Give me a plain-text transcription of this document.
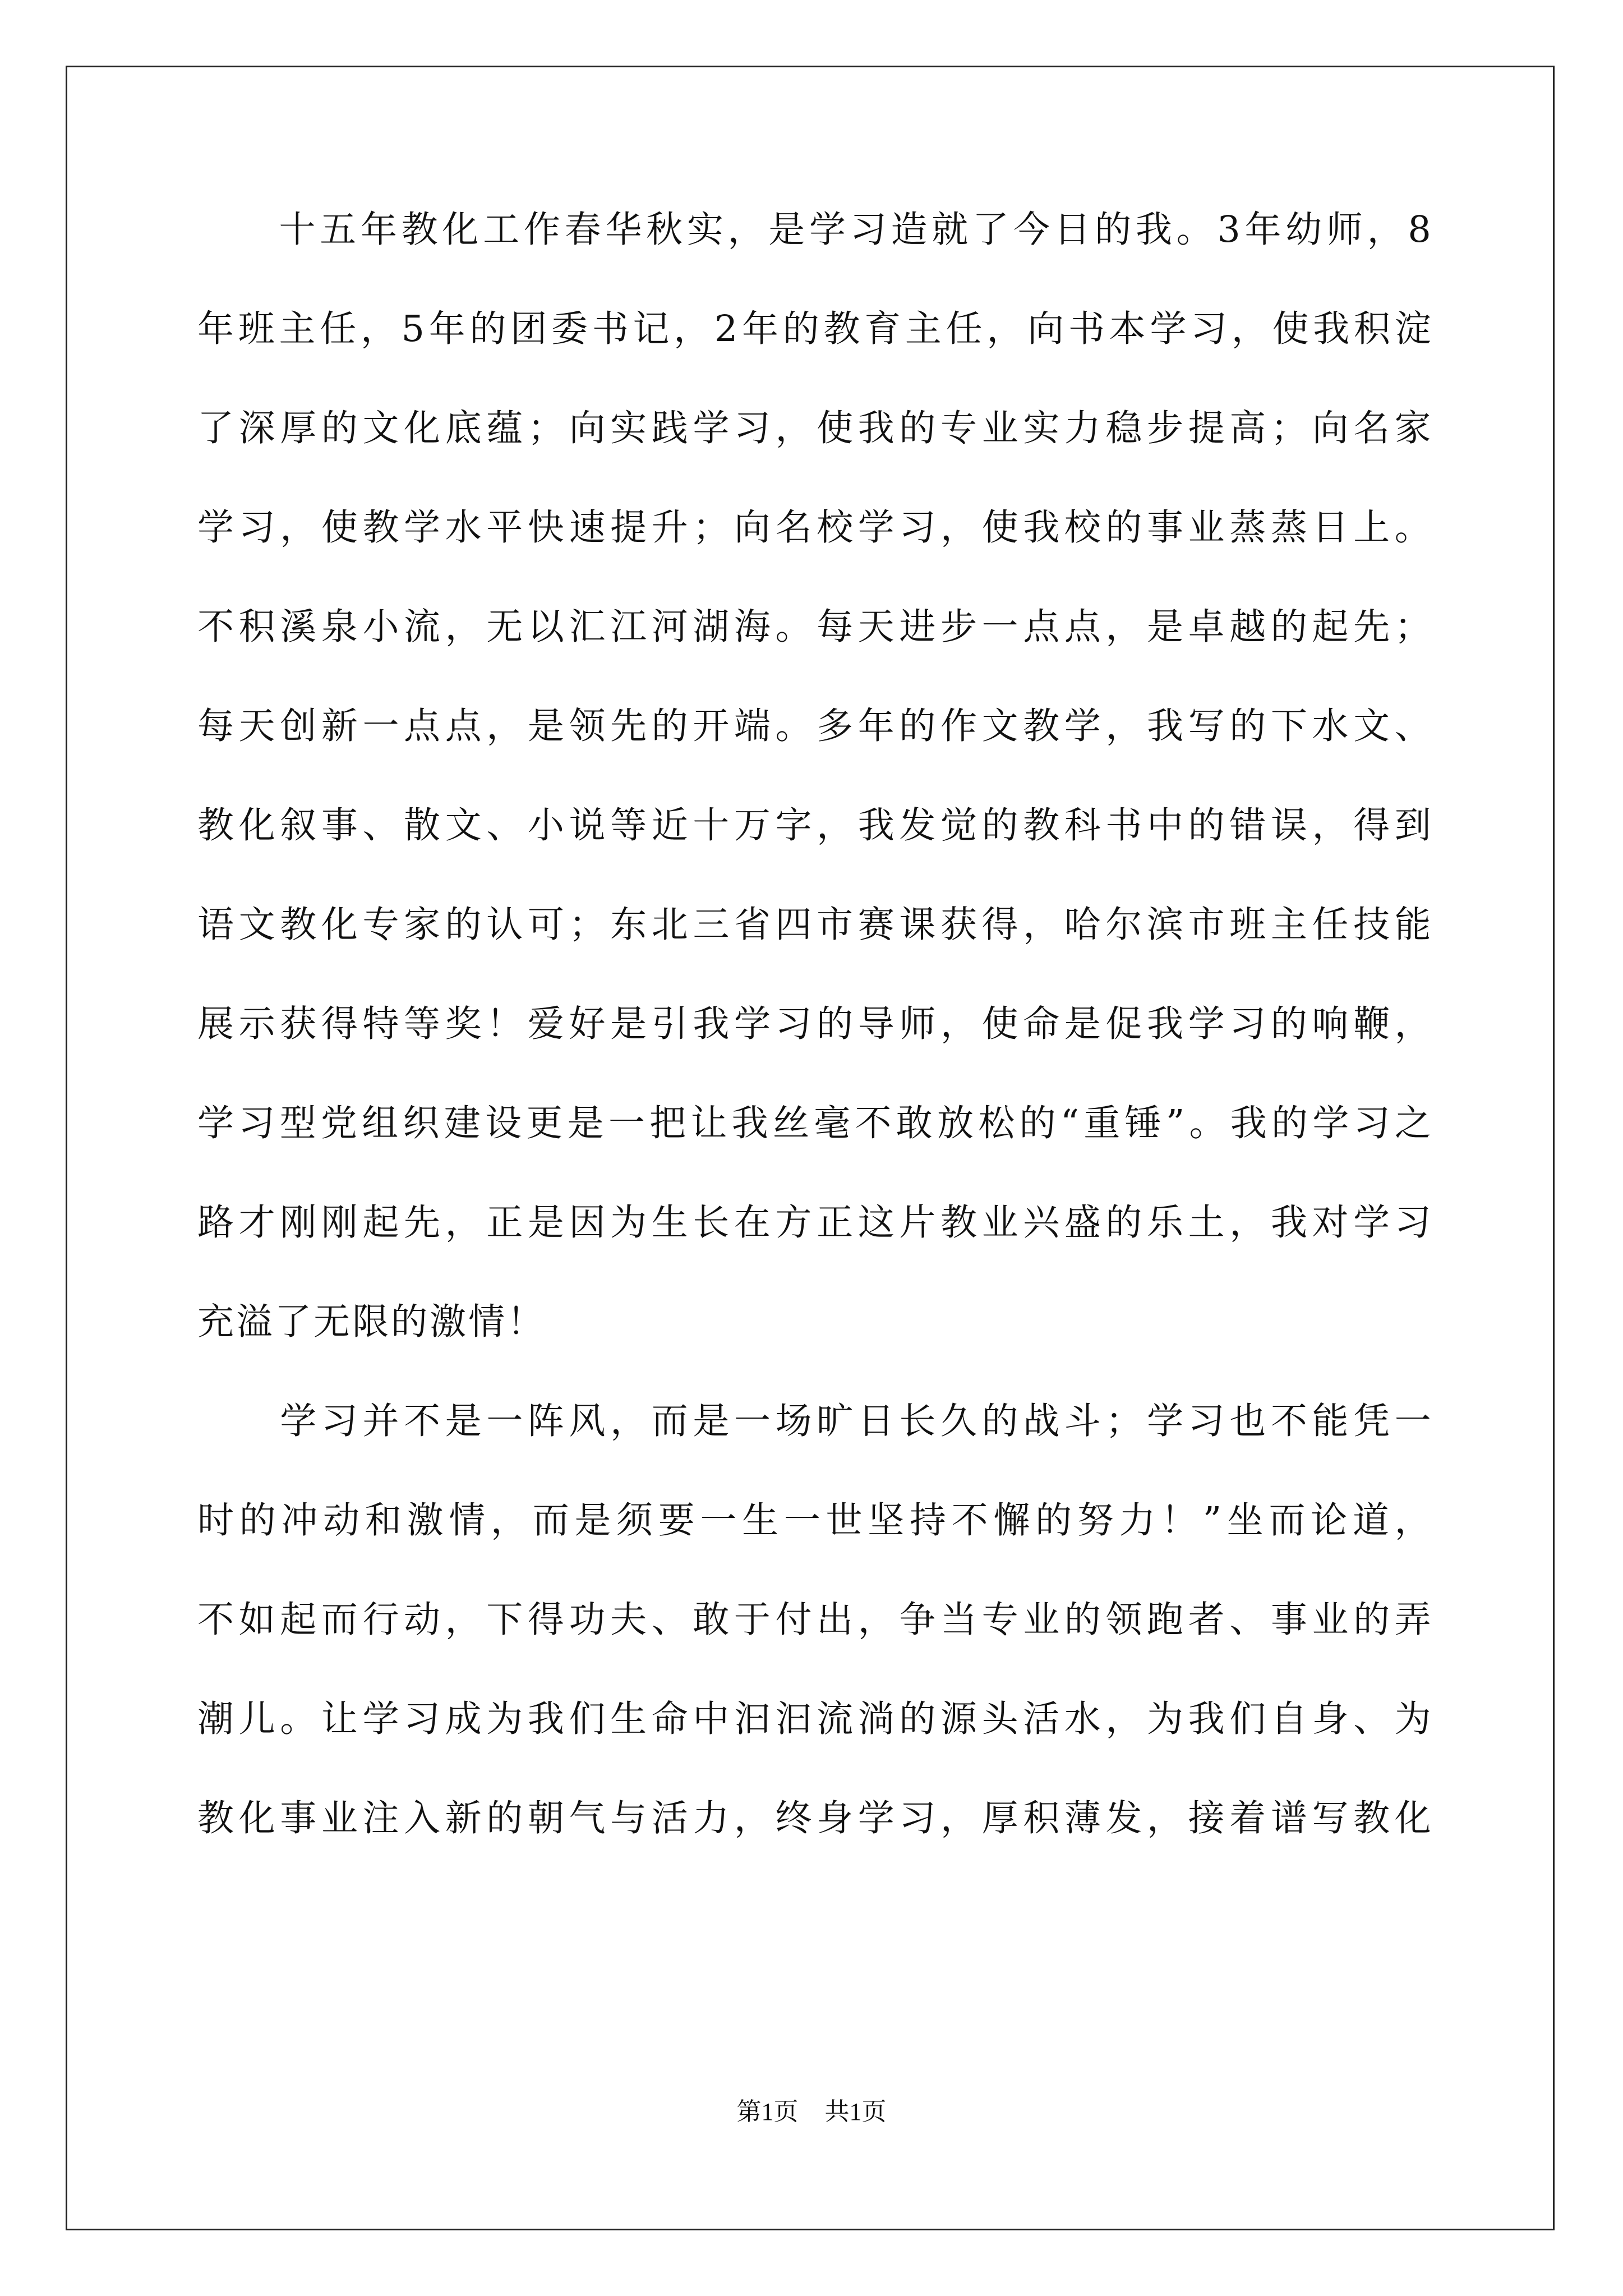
十 五 年 教 化 工 作 春 华 秋 实 ， 是 学 习 造 就 了 今 日 的 我 。 3 年 幼 师 ， 8
年 班 主 任 ， 5 年 的 团 委 书 记 ， 2 年 的 教 育 主 任 ， 向 书 本 学 习 ， 使 我 积 淀
了 深 厚 的 文 化 底 蕴 ； 向 实 践 学 习 ， 使 我 的 专 业 实 力 稳 步 提 高 ； 向 名 家
学 习 ， 使 教 学 水 平 快 速 提 升 ； 向 名 校 学 习 ， 使 我 校 的 事 业 蒸 蒸 日 上 。
不 积 溪 泉 小 流 ， 无 以 汇 江 河 湖 海 。 每 天 进 步 一 点 点 ， 是 卓 越 的 起 先 ；
每 天 创 新 一 点 点 ， 是 领 先 的 开 端 。 多 年 的 作 文 教 学 ， 我 写 的 下 水 文 、
教 化 叙 事 、 散 文 、 小 说 等 近 十 万 字 ， 我 发 觉 的 教 科 书 中 的 错 误 ， 得 到
语 文 教 化 专 家 的 认 可 ； 东 北 三 省 四 市 赛 课 获 得 ， 哈 尔 滨 市 班 主 任 技 能
展 示 获 得 特 等 奖 ！ 爱 好 是 引 我 学 习 的 导 师 ， 使 命 是 促 我 学 习 的 响 鞭 ，
学 习 型 党 组 织 建 设 更 是 一 把 让 我 丝 毫 不 敢 放 松 的 “ 重 锤 ” 。 我 的 学 习 之
路 才 刚 刚 起 先 ， 正 是 因 为 生 长 在 方 正 这 片 教 业 兴 盛 的 乐 土 ， 我 对 学 习
充 溢 了 无 限 的 激 情 ！

学 习 并 不 是 一 阵 风 ， 而 是 一 场 旷 日 长 久 的 战 斗 ； 学 习 也 不 能 凭 一
时 的 冲 动 和 激 情 ， 而 是 须 要 一 生 一 世 坚 持 不 懈 的 努 力 ！ ” 坐 而 论 道 ，
不 如 起 而 行 动 ， 下 得 功 夫 、 敢 于 付 出 ， 争 当 专 业 的 领 跑 者 、 事 业 的 弄
潮 儿 。 让 学 习 成 为 我 们 生 命 中 汩 汩 流 淌 的 源 头 活 水 ， 为 我 们 自 身 、 为
教 化 事 业 注 入 新 的 朝 气 与 活 力 ， 终 身 学 习 ， 厚 积 薄 发 ， 接 着 谱 写 教 化
第1页 共1页
